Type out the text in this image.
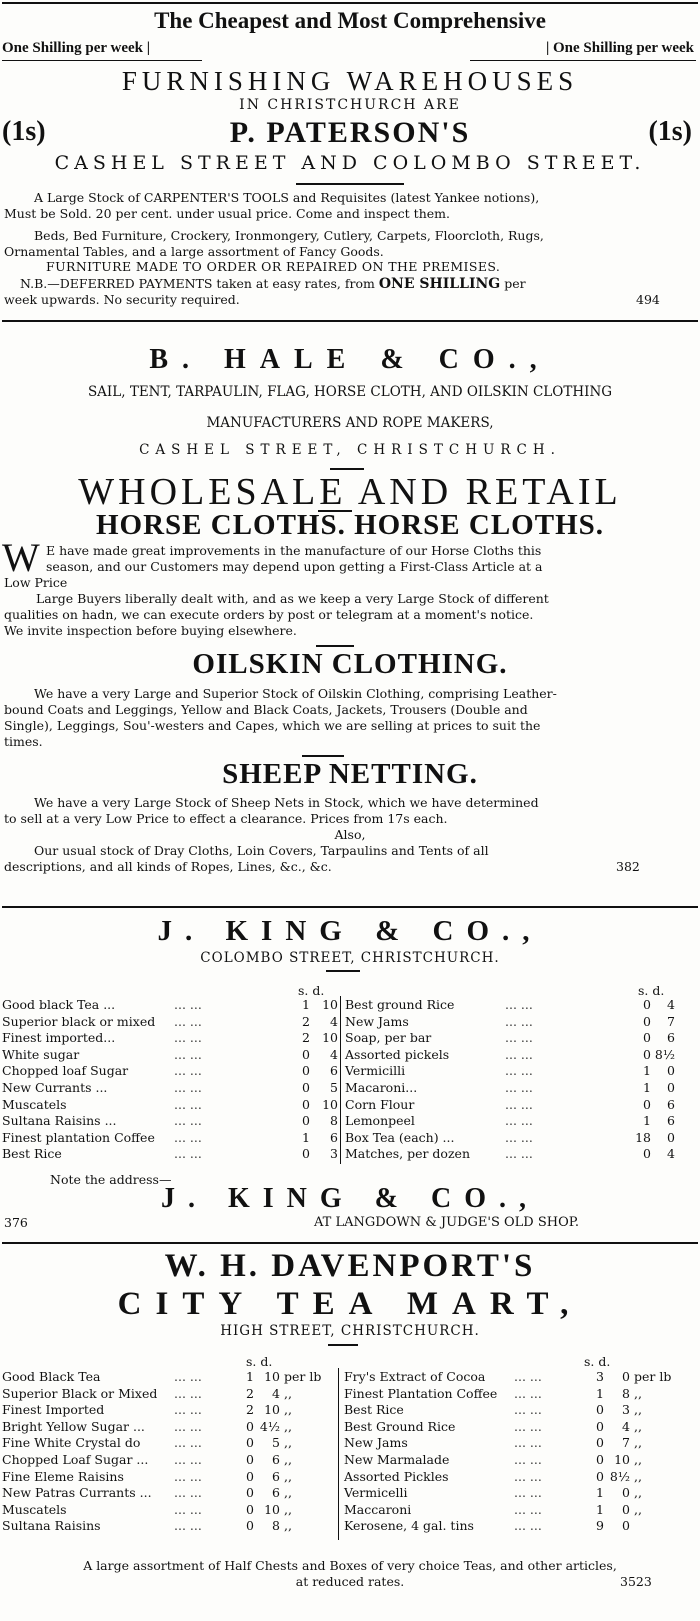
The Cheapest and Most Comprehensive
One Shilling per week |	| One Shilling per week
FURNISHING WAREHOUSES
IN CHRISTCHURCH ARE
(1s)	P. PATERSON'S	(1s)
CASHEL STREET AND COLOMBO STREET.
A Large Stock of CARPENTER'S TOOLS and Requisites (latest Yankee notions),
Must be Sold. 20 per cent. under usual price. Come and inspect them.
Beds, Bed Furniture, Crockery, Ironmongery, Cutlery, Carpets, Floorcloth, Rugs,
Ornamental Tables, and a large assortment of Fancy Goods.
FURNITURE MADE TO ORDER OR REPAIRED ON THE PREMISES.
N.B.—DEFERRED PAYMENTS taken at easy rates, from ONE SHILLING per
week upwards. No security required.	494
B. HALE & CO.,
SAIL, TENT, TARPAULIN, FLAG, HORSE CLOTH, AND OILSKIN CLOTHING
MANUFACTURERS AND ROPE MAKERS,
CASHEL STREET, CHRISTCHURCH.
WHOLESALE AND RETAIL
HORSE CLOTHS. HORSE CLOTHS.
W E have made great improvements in the manufacture of our Horse Cloths this
season, and our Customers may depend upon getting a First-Class Article at a
Low Price
Large Buyers liberally dealt with, and as we keep a very Large Stock of different
qualities on hadn, we can execute orders by post or telegram at a moment's notice.
We invite inspection before buying elsewhere.
OILSKIN CLOTHING.
We have a very Large and Superior Stock of Oilskin Clothing, comprising Leather-
bound Coats and Leggings, Yellow and Black Coats, Jackets, Trousers (Double and
Single), Leggings, Sou'-westers and Capes, which we are selling at prices to suit the
times.
SHEEP NETTING.
We have a very Large Stock of Sheep Nets in Stock, which we have determined
to sell at a very Low Price to effect a clearance. Prices from 17s each.
Also,
Our usual stock of Dray Cloths, Loin Covers, Tarpaulins and Tents of all
descriptions, and all kinds of Ropes, Lines, &c., &c.	382
J. KING & CO.,
COLOMBO STREET, CHRISTCHURCH.
s. d.	s. d.
Good black Tea ...	... ...	1	10
Superior black or mixed	... ...	2	4
Finest imported...	... ...	2	10
White sugar	... ...	0	4
Chopped loaf Sugar	... ...	0	6
New Currants ...	... ...	0	5
Muscatels	... ...	0	10
Sultana Raisins ...	... ...	0	8
Finest plantation Coffee	... ...	1	6
Best Rice	... ...	0	3
Best ground Rice	... ...	0	4
New Jams	... ...	0	7
Soap, per bar	... ...	0	6
Assorted pickels	... ...	0	8½
Vermicilli	... ...	1	0
Macaroni...	... ...	1	0
Corn Flour	... ...	0	6
Lemonpeel	... ...	1	6
Box Tea (each) ...	... ...	18	0
Matches, per dozen	... ...	0	4
Note the address—
J. KING & CO.,
376	AT LANGDOWN & JUDGE'S OLD SHOP.
W. H. DAVENPORT'S
CITY TEA MART,
HIGH STREET, CHRISTCHURCH.
s. d.	s. d.
Good Black Tea	... ...	1	10	per lb
Superior Black or Mixed	... ...	2	4	,,
Finest Imported	... ...	2	10	,,
Bright Yellow Sugar ...	... ...	0	4½	,,
Fine White Crystal do	... ...	0	5	,,
Chopped Loaf Sugar ...	... ...	0	6	,,
Fine Eleme Raisins	... ...	0	6	,,
New Patras Currants ...	... ...	0	6	,,
Muscatels	... ...	0	10	,,
Sultana Raisins	... ...	0	8	,,
Fry's Extract of Cocoa	... ...	3	0	per lb
Finest Plantation Coffee	... ...	1	8	,,
Best Rice	... ...	0	3	,,
Best Ground Rice	... ...	0	4	,,
New Jams	... ...	0	7	,,
New Marmalade	... ...	0	10	,,
Assorted Pickles	... ...	0	8½	,,
Vermicelli	... ...	1	0	,,
Maccaroni	... ...	1	0	,,
Kerosene, 4 gal. tins	... ...	9	0	
A large assortment of Half Chests and Boxes of very choice Teas, and other articles,
at reduced rates.	3523
